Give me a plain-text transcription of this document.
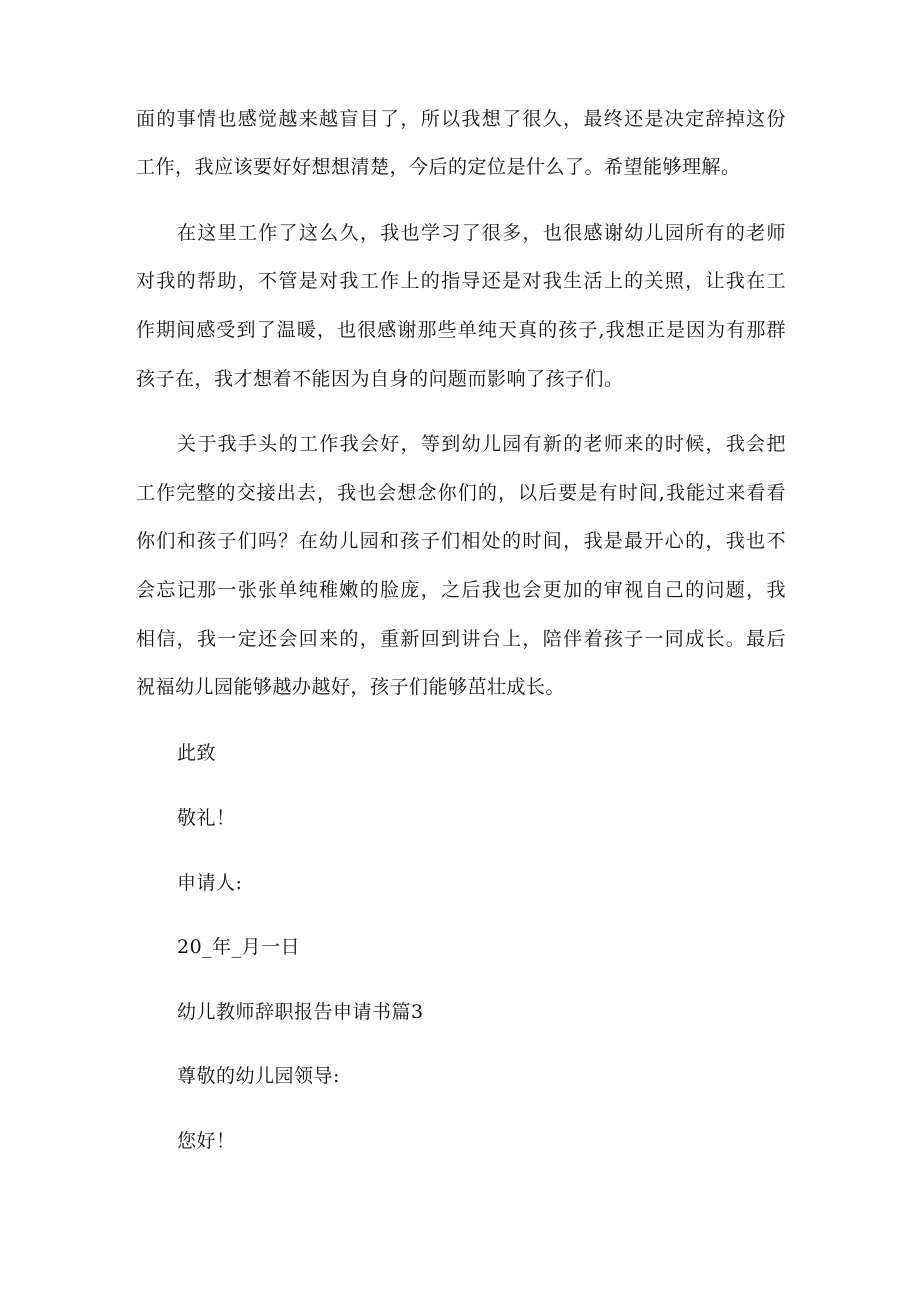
面的事情也感觉越来越盲目了，所以我想了很久，最终还是决定辞掉这份
工作，我应该要好好想想清楚，今后的定位是什么了。希望能够理解。
在这里工作了这么久，我也学习了很多，也很感谢幼儿园所有的老师
对我的帮助，不管是对我工作上的指导还是对我生活上的关照，让我在工
作期间感受到了温暖，也很感谢那些单纯天真的孩子,我想正是因为有那群
孩子在，我才想着不能因为自身的问题而影响了孩子们。
关于我手头的工作我会好，等到幼儿园有新的老师来的时候，我会把
工作完整的交接出去，我也会想念你们的，以后要是有时间,我能过来看看
你们和孩子们吗？在幼儿园和孩子们相处的时间，我是最开心的，我也不
会忘记那一张张单纯稚嫩的脸庞，之后我也会更加的审视自己的问题，我
相信，我一定还会回来的，重新回到讲台上，陪伴着孩子一同成长。最后
祝福幼儿园能够越办越好，孩子们能够茁壮成长。
此致
敬礼！
申请人:
20_年_月一日
幼儿教师辞职报告申请书篇3
尊敬的幼儿园领导:
您好！
